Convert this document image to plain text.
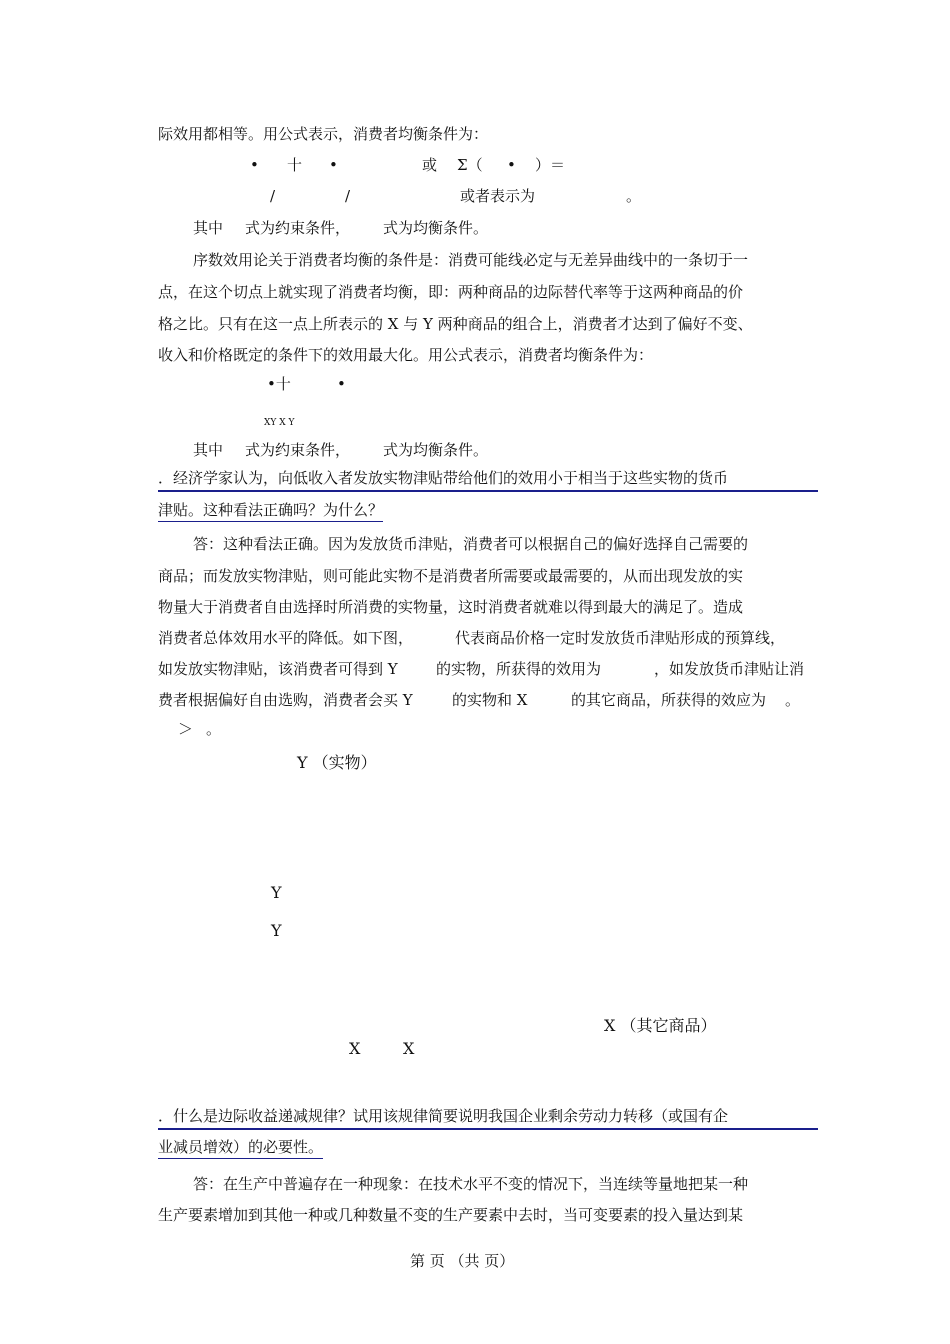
际效用都相等。用公式表示，消费者均衡条件为：
• 十 •	或 Σ（ • ）＝
/	/	或者表示为	。
其中 式为约束条件， 式为均衡条件。
序数效用论关于消费者均衡的条件是：消费可能线必定与无差异曲线中的一条切于一
点，在这个切点上就实现了消费者均衡，即：两种商品的边际替代率等于这两种商品的价
格之比。只有在这一点上所表示的 X 与 Y 两种商品的组合上，消费者才达到了偏好不变、
收入和价格既定的条件下的效用最大化。用公式表示，消费者均衡条件为：
•十	•
XY X Y
其中 式为约束条件， 式为均衡条件。
．经济学家认为，向低收入者发放实物津贴带给他们的效用小于相当于这些实物的货币
津贴。这种看法正确吗？为什么？
答：这种看法正确。因为发放货币津贴，消费者可以根据自己的偏好选择自己需要的
商品；而发放实物津贴，则可能此实物不是消费者所需要或最需要的，从而出现发放的实
物量大于消费者自由选择时所消费的实物量，这时消费者就难以得到最大的满足了。造成
消费者总体效用水平的降低。如下图，	代表商品价格一定时发放货币津贴形成的预算线，
如发放实物津贴，该消费者可得到 Y	的实物，所获得的效用为	，如发放货币津贴让消
费者根据偏好自由选购，消费者会买 Y	的实物和 X	的其它商品，所获得的效应为 。
＞ 。
Y （实物）
Y
Y
X （其它商品）
X	X
．什么是边际收益递减规律？试用该规律简要说明我国企业剩余劳动力转移（或国有企
业减员增效）的必要性。
答：在生产中普遍存在一种现象：在技术水平不变的情况下，当连续等量地把某一种
生产要素增加到其他一种或几种数量不变的生产要素中去时，当可变要素的投入量达到某
第 页 （共 页）
